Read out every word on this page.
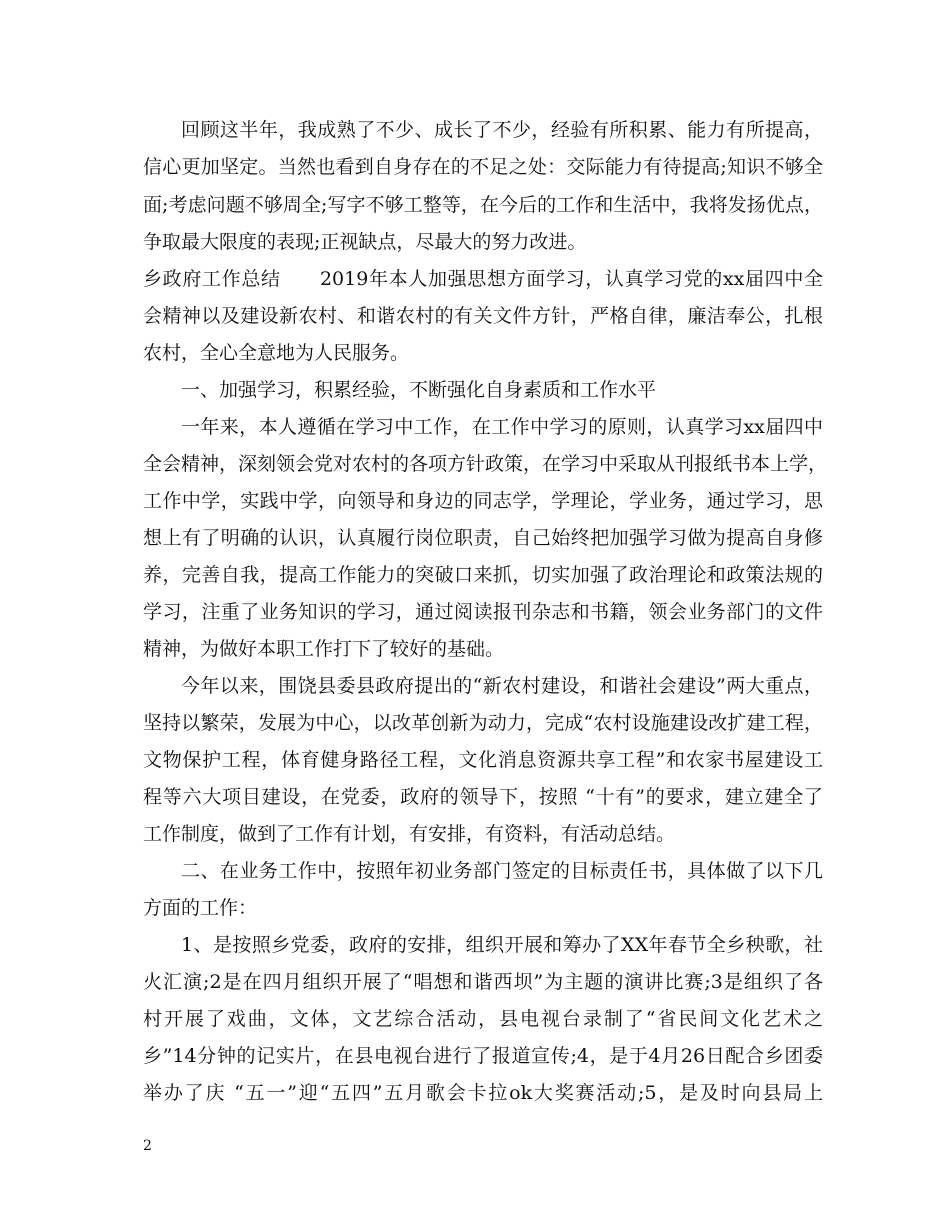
回顾这半年，我成熟了不少、成长了不少，经验有所积累、能力有所提高，
信心更加坚定。当然也看到自身存在的不足之处：交际能力有待提高;知识不够全
面;考虑问题不够周全;写字不够工整等，在今后的工作和生活中，我将发扬优点，
争取最大限度的表现;正视缺点，尽最大的努力改进。
乡政府工作总结　　2019年本人加强思想方面学习，认真学习党的xx届四中全
会精神以及建设新农村、和谐农村的有关文件方针，严格自律，廉洁奉公，扎根
农村，全心全意地为人民服务。
一、加强学习，积累经验，不断强化自身素质和工作水平
一年来，本人遵循在学习中工作，在工作中学习的原则，认真学习xx届四中
全会精神，深刻领会党对农村的各项方针政策，在学习中采取从刊报纸书本上学，
工作中学，实践中学，向领导和身边的同志学，学理论，学业务，通过学习，思
想上有了明确的认识，认真履行岗位职责，自己始终把加强学习做为提高自身修
养，完善自我，提高工作能力的突破口来抓，切实加强了政治理论和政策法规的
学习，注重了业务知识的学习，通过阅读报刊杂志和书籍，领会业务部门的文件
精神，为做好本职工作打下了较好的基础。
今年以来，围饶县委县政府提出的“新农村建设，和谐社会建设”两大重点，
坚持以繁荣，发展为中心，以改革创新为动力，完成“农村设施建设改扩建工程，
文物保护工程，体育健身路径工程，文化消息资源共享工程”和农家书屋建设工
程等六大项目建设，在党委，政府的领导下，按照 “十有”的要求，建立建全了
工作制度，做到了工作有计划，有安排，有资料，有活动总结。
二、在业务工作中，按照年初业务部门签定的目标责任书，具体做了以下几
方面的工作：
1、是按照乡党委，政府的安排，组织开展和筹办了XX年春节全乡秧歌，社
火汇演;2是在四月组织开展了“唱想和谐西坝”为主题的演讲比赛;3是组织了各
村开展了戏曲，文体，文艺综合活动，县电视台录制了“省民间文化艺术之
乡”14分钟的记实片，在县电视台进行了报道宣传;4，是于4月26日配合乡团委
举办了庆 “五一”迎“五四”五月歌会卡拉ok大奖赛活动;5，是及时向县局上
2
